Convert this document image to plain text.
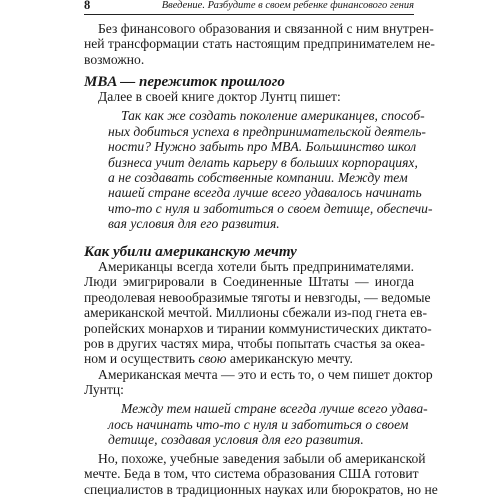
8	Введение. Разбудите в своем ребенке финансового гения

Без финансового образования и связанной с ним внутрен-

ней трансформации стать настоящим предпринимателем не-

возможно.

MBA — пережиток прошлого

Далее в своей книге доктор Лунтц пишет:

Так как же создать поколение американцев, способ-

ных добиться успеха в предпринимательской деятель-

ности? Нужно забыть про MBA. Большинство школ

бизнеса учит делать карьеру в больших корпорациях,

а не создавать собственные компании. Между тем

нашей стране всегда лучше всего удавалось начинать

что-то с нуля и заботиться о своем детище, обеспечи-

вая условия для его развития.

Как убили американскую мечту

Американцы всегда хотели быть предпринимателями.

Люди эмигрировали в Соединенные Штаты — иногда

преодолевая невообразимые тяготы и невзгоды, — ведомые

американской мечтой. Миллионы сбежали из-под гнета ев-

ропейских монархов и тирании коммунистических диктато-

ров в других частях мира, чтобы попытать счастья за океа-

ном и осуществить свою американскую мечту.

Американская мечта — это и есть то, о чем пишет доктор

Лунтц:

Между тем нашей стране всегда лучше всего удава-

лось начинать что-то с нуля и заботиться о своем

детище, создавая условия для его развития.

Но, похоже, учебные заведения забыли об американской

мечте. Беда в том, что система образования США готовит

специалистов в традиционных науках или бюрократов, но не
